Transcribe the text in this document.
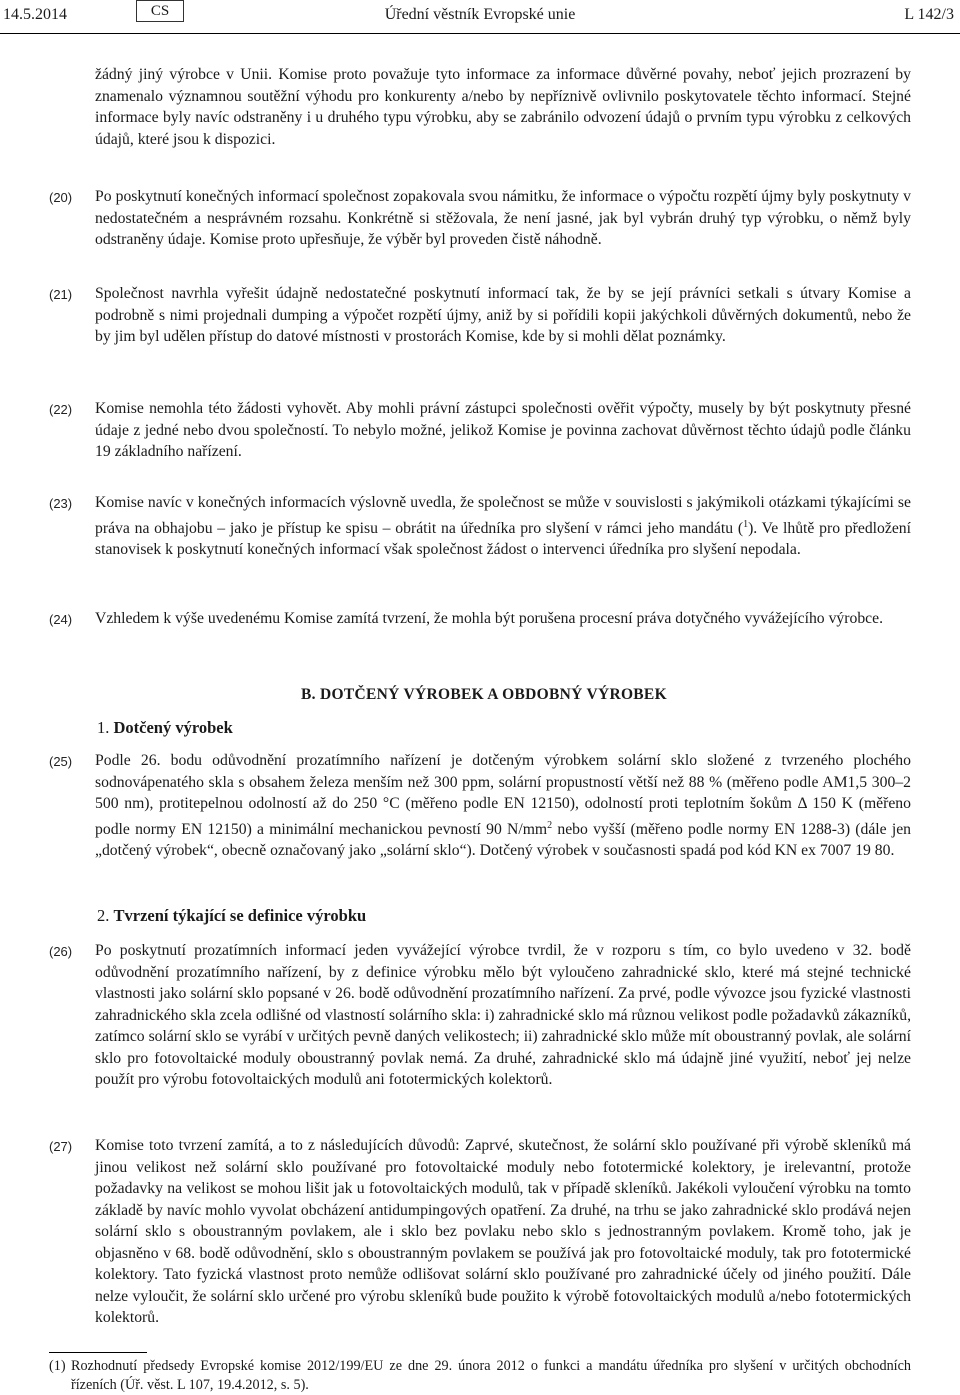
14.5.2014	CS	Úřední věstník Evropské unie	L 142/3
žádný jiný výrobce v Unii. Komise proto považuje tyto informace za informace důvěrné povahy, neboť jejich prozrazení by znamenalo významnou soutěžní výhodu pro konkurenty a/nebo by nepříznivě ovlivnilo poskytovatele těchto informací. Stejné informace byly navíc odstraněny i u druhého typu výrobku, aby se zabránilo odvození údajů o prvním typu výrobku z celkových údajů, které jsou k dispozici.
(20) Po poskytnutí konečných informací společnost zopakovala svou námitku, že informace o výpočtu rozpětí újmy byly poskytnuty v nedostatečném a nesprávném rozsahu. Konkrétně si stěžovala, že není jasné, jak byl vybrán druhý typ výrobku, o němž byly odstraněny údaje. Komise proto upřesňuje, že výběr byl proveden čistě náhodně.
(21) Společnost navrhla vyřešit údajně nedostatečné poskytnutí informací tak, že by se její právníci setkali s útvary Komise a podrobně s nimi projednali dumping a výpočet rozpětí újmy, aniž by si pořídili kopii jakýchkoli důvěrných dokumentů, nebo že by jim byl udělen přístup do datové místnosti v prostorách Komise, kde by si mohli dělat poznámky.
(22) Komise nemohla této žádosti vyhovět. Aby mohli právní zástupci společnosti ověřit výpočty, musely by být poskytnuty přesné údaje z jedné nebo dvou společností. To nebylo možné, jelikož Komise je povinna zachovat důvěrnost těchto údajů podle článku 19 základního nařízení.
(23) Komise navíc v konečných informacích výslovně uvedla, že společnost se může v souvislosti s jakýmikoli otázkami týkajícími se práva na obhajobu – jako je přístup ke spisu – obrátit na úředníka pro slyšení v rámci jeho mandátu ($^1$). Ve lhůtě pro předložení stanovisek k poskytnutí konečných informací však společnost žádost o intervenci úředníka pro slyšení nepodala.
(24) Vzhledem k výše uvedenému Komise zamítá tvrzení, že mohla být porušena procesní práva dotyčného vyvážejícího výrobce.
B. DOTČENÝ VÝROBEK A OBDOBNÝ VÝROBEK
1. Dotčený výrobek
(25) Podle 26. bodu odůvodnění prozatímního nařízení je dotčeným výrobkem solární sklo složené z tvrzeného plochého sodnovápenatého skla s obsahem železa menším než 300 ppm, solární propustností větší než 88 % (měřeno podle AM1,5 300–2 500 nm), protitepelnou odolností až do 250 °C (měřeno podle EN 12150), odolností proti teplotním šokům Δ 150 K (měřeno podle normy EN 12150) a minimální mechanickou pevností 90 $N/mm^2$ nebo vyšší (měřeno podle normy EN 1288-3) (dále jen „dotčený výrobek“, obecně označovaný jako „solární sklo“). Dotčený výrobek v současnosti spadá pod kód KN ex 7007 19 80.
2. Tvrzení týkající se definice výrobku
(26) Po poskytnutí prozatímních informací jeden vyvážející výrobce tvrdil, že v rozporu s tím, co bylo uvedeno v 32. bodě odůvodnění prozatímního nařízení, by z definice výrobku mělo být vyloučeno zahradnické sklo, které má stejné technické vlastnosti jako solární sklo popsané v 26. bodě odůvodnění prozatímního nařízení. Za prvé, podle vývozce jsou fyzické vlastnosti zahradnického skla zcela odlišné od vlastností solárního skla: i) zahradnické sklo má různou velikost podle požadavků zákazníků, zatímco solární sklo se vyrábí v určitých pevně daných velikostech; ii) zahradnické sklo může mít oboustranný povlak, ale solární sklo pro fotovoltaické moduly oboustranný povlak nemá. Za druhé, zahradnické sklo má údajně jiné využití, neboť jej nelze použít pro výrobu fotovoltaických modulů ani fototermických kolektorů.
(27) Komise toto tvrzení zamítá, a to z následujících důvodů: Zaprvé, skutečnost, že solární sklo používané při výrobě skleníků má jinou velikost než solární sklo používané pro fotovoltaické moduly nebo fototermické kolektory, je irelevantní, protože požadavky na velikost se mohou lišit jak u fotovoltaických modulů, tak v případě skleníků. Jakékoli vyloučení výrobku na tomto základě by navíc mohlo vyvolat obcházení antidumpingových opatření. Za druhé, na trhu se jako zahradnické sklo prodává nejen solární sklo s oboustranným povlakem, ale i sklo bez povlaku nebo sklo s jednostranným povlakem. Kromě toho, jak je objasněno v 68. bodě odůvodnění, sklo s oboustranným povlakem se používá jak pro fotovoltaické moduly, tak pro fototermické kolektory. Tato fyzická vlastnost proto nemůže odlišovat solární sklo používané pro zahradnické účely od jiného použití. Dále nelze vyloučit, že solární sklo určené pro výrobu skleníků bude použito k výrobě fotovoltaických modulů a/nebo fototermických kolektorů.
(1) Rozhodnutí předsedy Evropské komise 2012/199/EU ze dne 29. února 2012 o funkci a mandátu úředníka pro slyšení v určitých obchodních řízeních (Úř. věst. L 107, 19.4.2012, s. 5).
